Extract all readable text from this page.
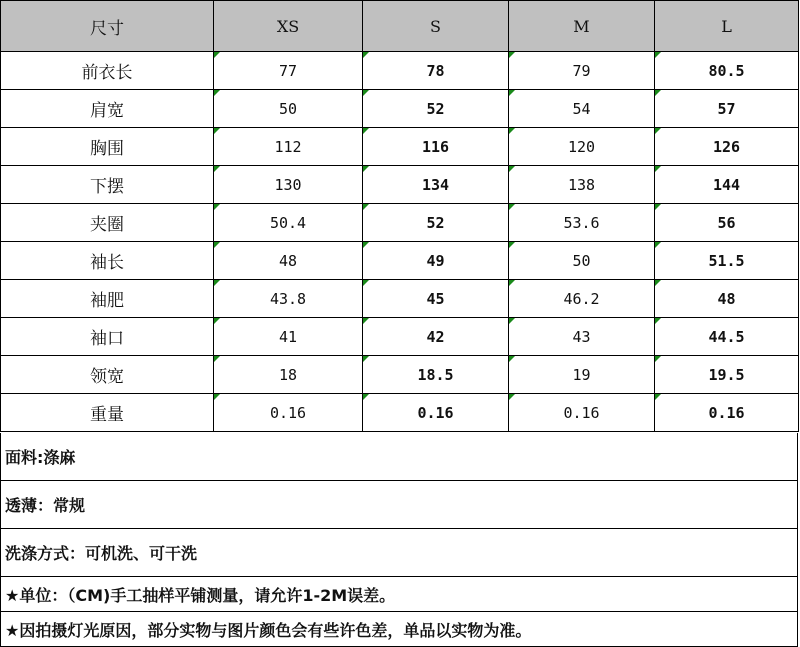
尺寸	XS	S	M	L
前衣长	77	78	79	80.5
肩宽	50	52	54	57
胸围	112	116	120	126
下摆	130	134	138	144
夹圈	50.4	52	53.6	56
袖长	48	49	50	51.5
袖肥	43.8	45	46.2	48
袖口	41	42	43	44.5
领宽	18	18.5	19	19.5
重量	0.16	0.16	0.16	0.16
面料:涤麻
透薄：常规
洗涤方式：可机洗、可干洗
★单位：（CM)手工抽样平铺测量，请允许1-2M误差。
★因拍摄灯光原因，部分实物与图片颜色会有些许色差，单品以实物为准。
